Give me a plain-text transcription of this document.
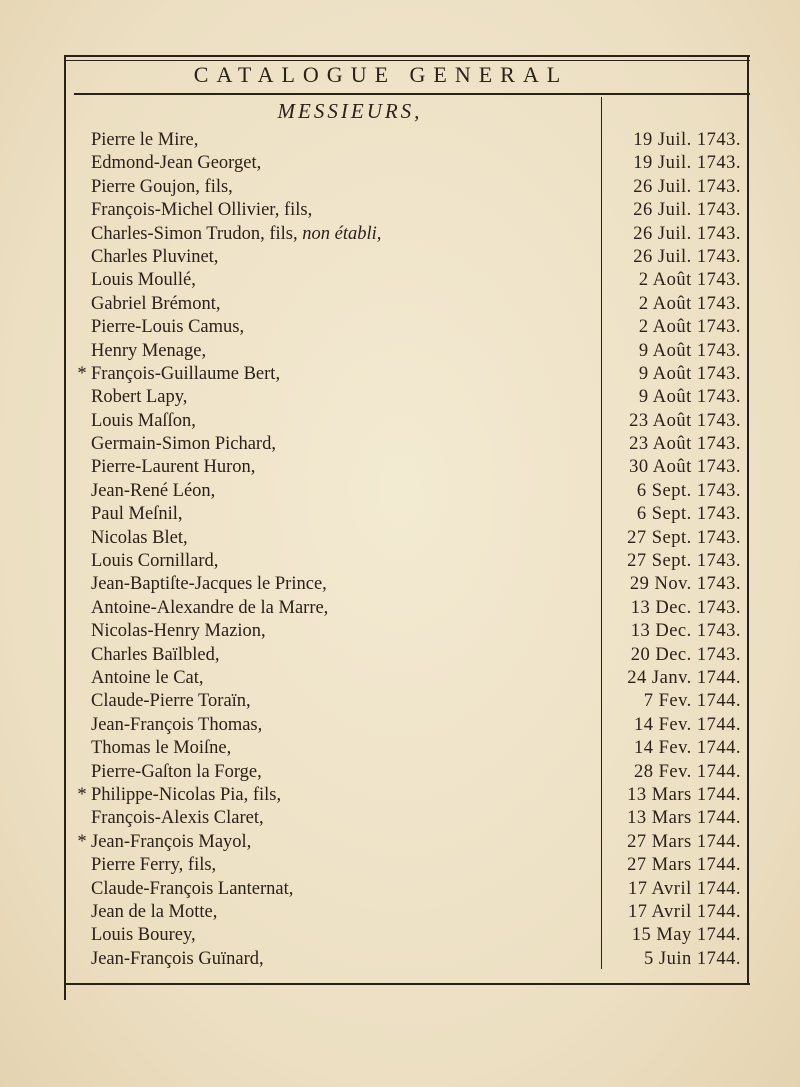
CATALOGUE GENERAL
MESSIEURS,
Pierre le Mire,
Edmond-Jean Georget,
Pierre Goujon, fils,
François-Michel Ollivier, fils,
Charles-Simon Trudon, fils, non établi,
Charles Pluvinet,
Louis Moullé,
Gabriel Brémont,
Pierre-Louis Camus,
Henry Menage,
* François-Guillaume Bert,
Robert Lapy,
Louis Maſſon,
Germain-Simon Pichard,
Pierre-Laurent Huron,
Jean-René Léon,
Paul Meſnil,
Nicolas Blet,
Louis Cornillard,
Jean-Baptiſte-Jacques le Prince,
Antoine-Alexandre de la Marre,
Nicolas-Henry Mazion,
Charles Baïlbled,
Antoine le Cat,
Claude-Pierre Toraïn,
Jean-François Thomas,
Thomas le Moiſne,
Pierre-Gaſton la Forge,
* Philippe-Nicolas Pia, fils,
François-Alexis Claret,
* Jean-François Mayol,
Pierre Ferry, fils,
Claude-François Lanternat,
Jean de la Motte,
Louis Bourey,
Jean-François Guïnard,
19 Juil. 1743.
19 Juil. 1743.
26 Juil. 1743.
26 Juil. 1743.
26 Juil. 1743.
26 Juil. 1743.
2 Août 1743.
2 Août 1743.
2 Août 1743.
9 Août 1743.
9 Août 1743.
9 Août 1743.
23 Août 1743.
23 Août 1743.
30 Août 1743.
6 Sept. 1743.
6 Sept. 1743.
27 Sept. 1743.
27 Sept. 1743.
29 Nov. 1743.
13 Dec. 1743.
13 Dec. 1743.
20 Dec. 1743.
24 Janv. 1744.
7 Fev. 1744.
14 Fev. 1744.
14 Fev. 1744.
28 Fev. 1744.
13 Mars 1744.
13 Mars 1744.
27 Mars 1744.
27 Mars 1744.
17 Avril 1744.
17 Avril 1744.
15 May 1744.
5 Juin 1744.
